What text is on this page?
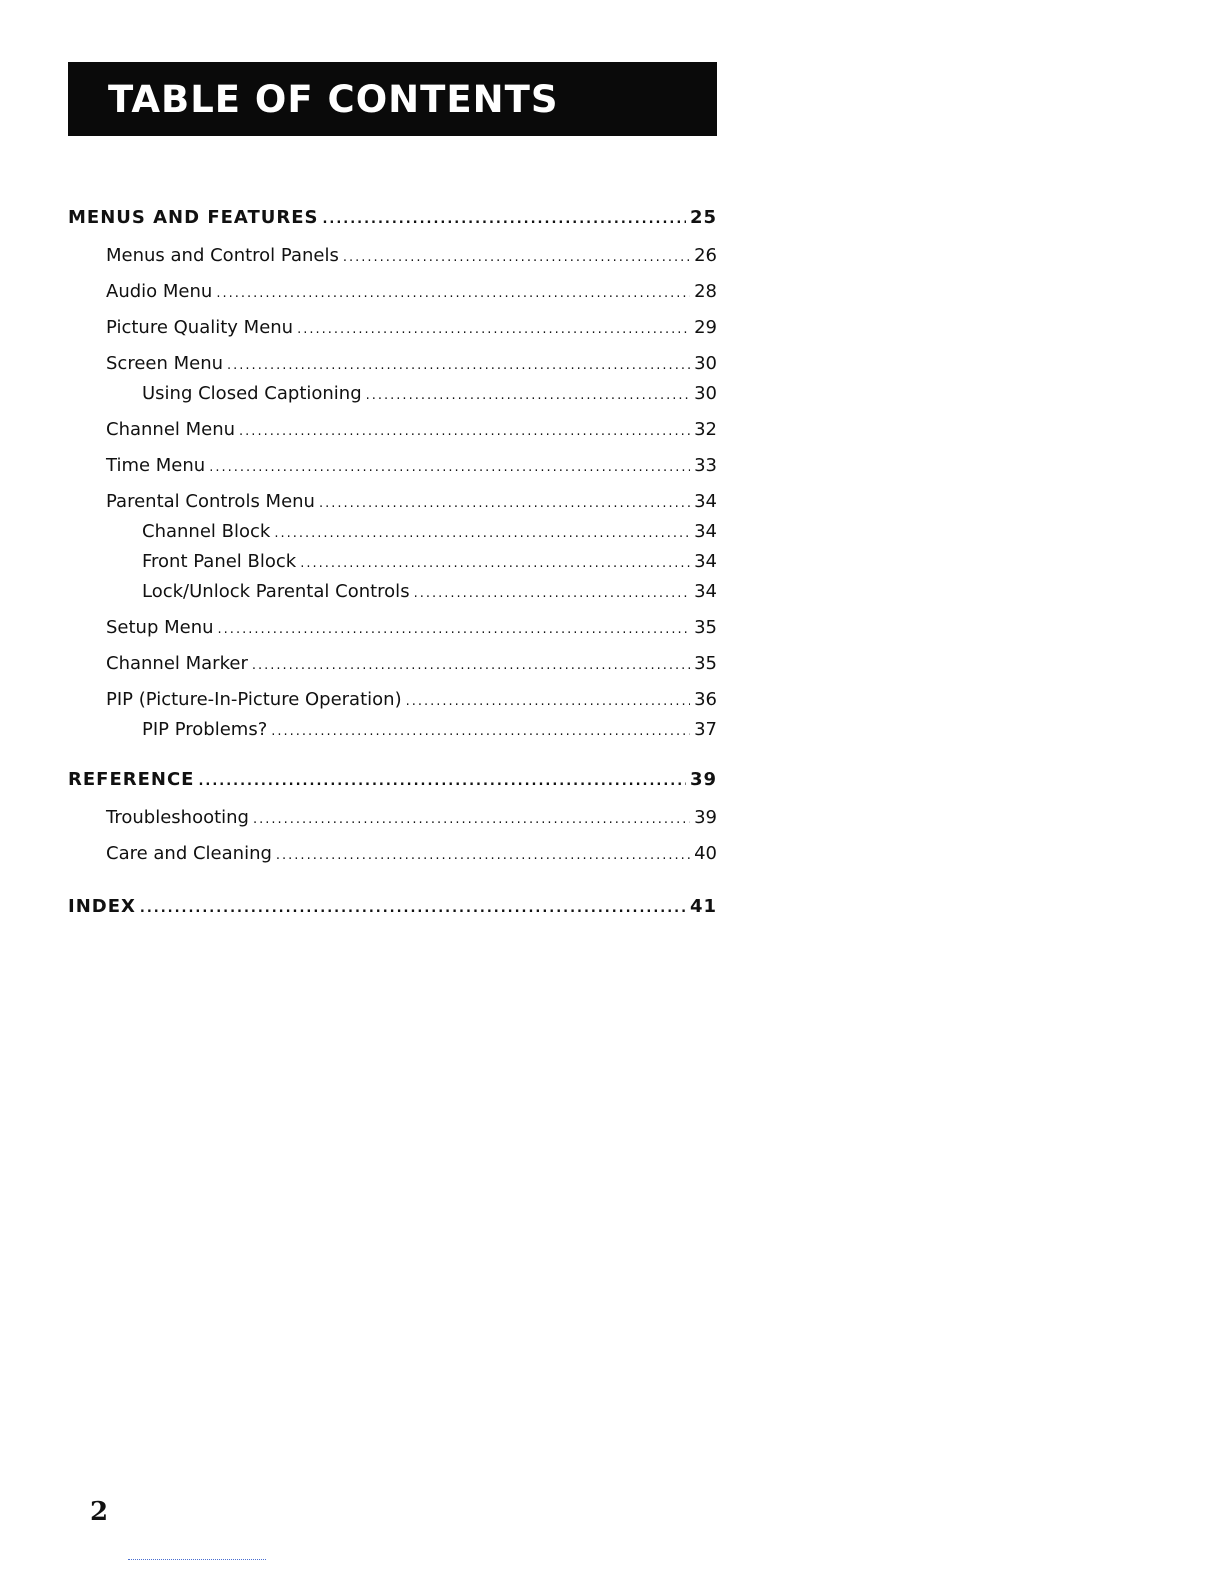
TABLE OF CONTENTS
MENUS AND FEATURES .....	25
Menus and Control Panels .....	26
Audio Menu .....	28
Picture Quality Menu .....	29
Screen Menu .....	30
Using Closed Captioning .....	30
Channel Menu .....	32
Time Menu .....	33
Parental Controls Menu .....	34
Channel Block .....	34
Front Panel Block .....	34
Lock/Unlock Parental Controls .....	34
Setup Menu .....	35
Channel Marker .....	35
PIP (Picture-In-Picture Operation) .....	36
PIP Problems? .....	37
REFERENCE .....	39
Troubleshooting .....	39
Care and Cleaning .....	40
INDEX .....	41
2
